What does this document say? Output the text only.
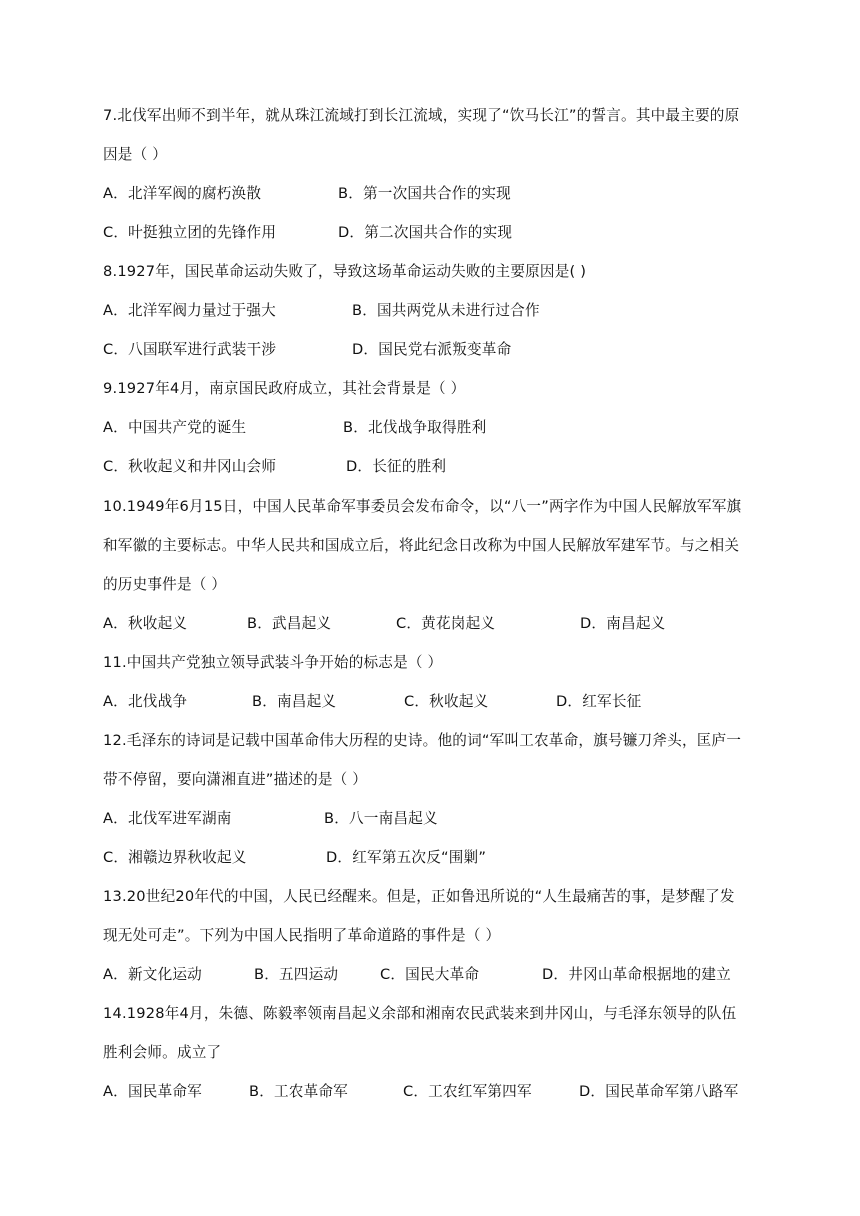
7.北伐军出师不到半年，就从珠江流域打到长江流域，实现了“饮马长江”的誓言。其中最主要的原
因是（ ）
A．北洋军阀的腐朽涣散	B．第一次国共合作的实现
C．叶挺独立团的先锋作用	D．第二次国共合作的实现
8.1927年，国民革命运动失败了，导致这场革命运动失败的主要原因是( )
A．北洋军阀力量过于强大	B．国共两党从未进行过合作
C．八国联军进行武装干涉	D．国民党右派叛变革命
9.1927年4月，南京国民政府成立，其社会背景是（ ）
A．中国共产党的诞生	B．北伐战争取得胜利
C．秋收起义和井冈山会师	D．长征的胜利
10.1949年6月15日，中国人民革命军事委员会发布命令，以“八一”两字作为中国人民解放军军旗
和军徽的主要标志。中华人民共和国成立后，将此纪念日改称为中国人民解放军建军节。与之相关
的历史事件是（ ）
A．秋收起义	B．武昌起义	C．黄花岗起义	D．南昌起义
11.中国共产党独立领导武装斗争开始的标志是（ ）
A．北伐战争	B．南昌起义	C．秋收起义	D．红军长征
12.毛泽东的诗词是记载中国革命伟大历程的史诗。他的词“军叫工农革命，旗号镰刀斧头，匡庐一
带不停留，要向潇湘直进”描述的是（ ）
A．北伐军进军湖南	B．八一南昌起义
C．湘赣边界秋收起义	D．红军第五次反“围剿”
13.20世纪20年代的中国，人民已经醒来。但是，正如鲁迅所说的“人生最痛苦的事，是梦醒了发
现无处可走”。下列为中国人民指明了革命道路的事件是（ ）
A．新文化运动	B．五四运动	C．国民大革命	D．井冈山革命根据地的建立
14.1928年4月，朱德、陈毅率领南昌起义余部和湘南农民武装来到井冈山，与毛泽东领导的队伍
胜利会师。成立了
A．国民革命军	B．工农革命军	C．工农红军第四军	D．国民革命军第八路军
